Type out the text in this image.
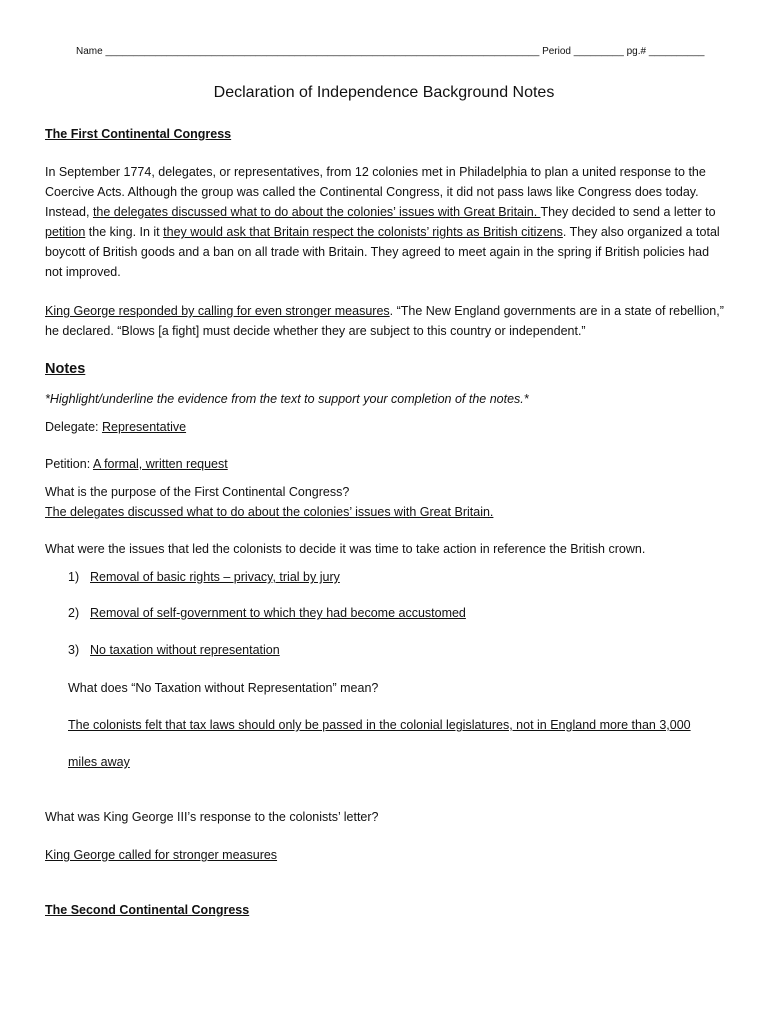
Name ______________________________________________________________________________ Period _________ pg.# __________
Declaration of Independence Background Notes
The First Continental Congress
In September 1774, delegates, or representatives, from 12 colonies met in Philadelphia to plan a united response to the Coercive Acts. Although the group was called the Continental Congress, it did not pass laws like Congress does today. Instead, the delegates discussed what to do about the colonies’ issues with Great Britain. They decided to send a letter to petition the king. In it they would ask that Britain respect the colonists’ rights as British citizens. They also organized a total boycott of British goods and a ban on all trade with Britain. They agreed to meet again in the spring if British policies had not improved.
King George responded by calling for even stronger measures. “The New England governments are in a state of rebellion,” he declared. “Blows [a fight] must decide whether they are subject to this country or independent.”
Notes
*Highlight/underline the evidence from the text to support your completion of the notes.*
Delegate: Representative
Petition: A formal, written request
What is the purpose of the First Continental Congress?
The delegates discussed what to do about the colonies’ issues with Great Britain.
What were the issues that led the colonists to decide it was time to take action in reference the British crown.
1) Removal of basic rights – privacy, trial by jury
2) Removal of self-government to which they had become accustomed
3) No taxation without representation
What does “No Taxation without Representation” mean?
The colonists felt that tax laws should only be passed in the colonial legislatures, not in England more than 3,000
miles away
What was King George III’s response to the colonists’ letter?
King George called for stronger measures
The Second Continental Congress
